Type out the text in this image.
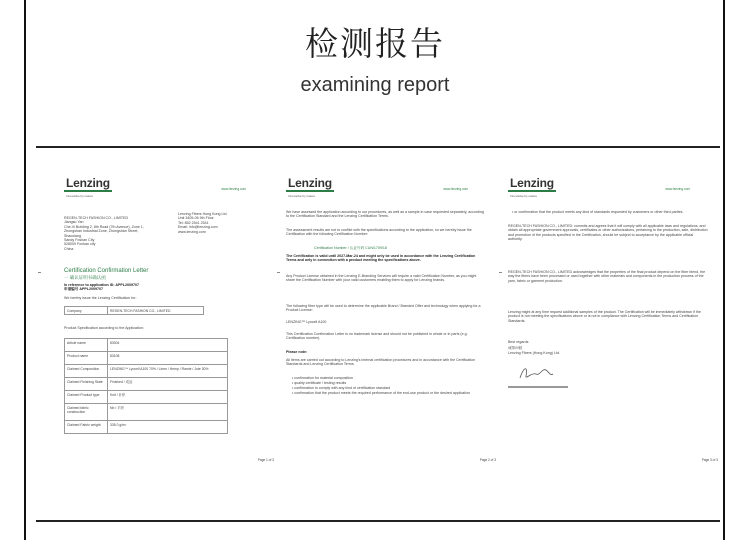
检测报告
examining report
Lenzing
Innovative by nature
www.lenzing.com
REGEN-TECH FASHION CO., LIMITED
Jiangsu Yan
Che-Vi Building 2, 8th Road (7th Avenue), Zone 1,
Zhongshan Industrial Zone, Zhongshan Street, Shaoxiang
Sandy Foshan City
528000 Foshan city
China
Lenzing Fibers Hong Kong Ltd.
Unit 3405-06 9th Floor
Tel: 852 2541 2541
Email: info@lenzing.com
www.lenzing.com
Certification Confirmation Letter
一 确认证明书确认函
In reference to application ID: APPL2009707
申请编号 APPL2009707
We hereby issue the Lenzing Certification for:
Company	REGEN-TECH FASHION CO., LIMITED
Product Specification according to the Application:
Article name	83004
Product name	83108
Claimed Composition	LENZING™ Lyocell A100 70% / Linen / Hemp / Ramie / Jute 30%
Claimed Finishing State	Finished / 成品
Claimed Product type	Knit / 针织
Claimed fabric construction	Nb / 平织
Claimed Fabric weight	335.0 g/m²
Page 1 of 3
Lenzing
Innovative by nature
www.lenzing.com
We have assessed the application according to our procedures, as well as a sample in case requested separately, according to the Certification Standard and the Lenzing Certification Terms.
The assessment results are not to conflict with the specifications according to the application, so we hereby issue the Certification with the following Certification Number:
Certification Number / 认证号码 CUN/1709/18
The Certification is valid until 2027-Mar-24 and might only be used in accordance with the Lenzing Certification Terms and only in connection with a product meeting the specifications above.
Any Product License obtained in the Lenzing E-Branding Services will require a valid Certification Number, as you might share the Certification Number with your valid customers enabling them to apply for Lenzing brands.
The following fiber type will be used to determine the applicable Brand / Branded Offer and technology when applying for a Product License:
LENZING™ Lyocell A100
This Certification Confirmation Letter is no trademark license and should not be published in whole or in parts (e.g. Certification number).
Please note:
All items are carried out according to Lenzing's internal certification procedures and in accordance with the Certification Standards and Lenzing Certification Terms.
• confirmation for material composition
• quality certificate / testing results
• confirmation to comply with any kind of certification standard
• confirmation that the product meets the required performance of the end-use product or the desired application
Page 2 of 3
Lenzing
Innovative by nature
www.lenzing.com
• or confirmation that the product meets any kind of standards requested by customers or other third parties.
REGEN-TECH FASHION CO., LIMITED: commits and agrees that it will comply with all applicable laws and regulations, and obtain all appropriate government approvals, certificates or other authorizations, pertaining to the production, sale, distribution and promotion of the products specified in the Certification, should be subject to acceptance by the applicable official authority.
REGEN-TECH FASHION CO., LIMITED acknowledges that the properties of the final product depend on the fiber blend, the way the fibers have been processed or used together with other materials and components in the production process of the yarn, fabric or garment production.
Lenzing might at any time request additional samples of the product. The Certification will be immediately withdrawn if the product is not meeting the specifications above or is not in compliance with Lenzing Certification Terms and Certification Standards.
Best regards
诚挚问候
Lenzing Fibers (Hong Kong) Ltd.
Page 3 of 3
